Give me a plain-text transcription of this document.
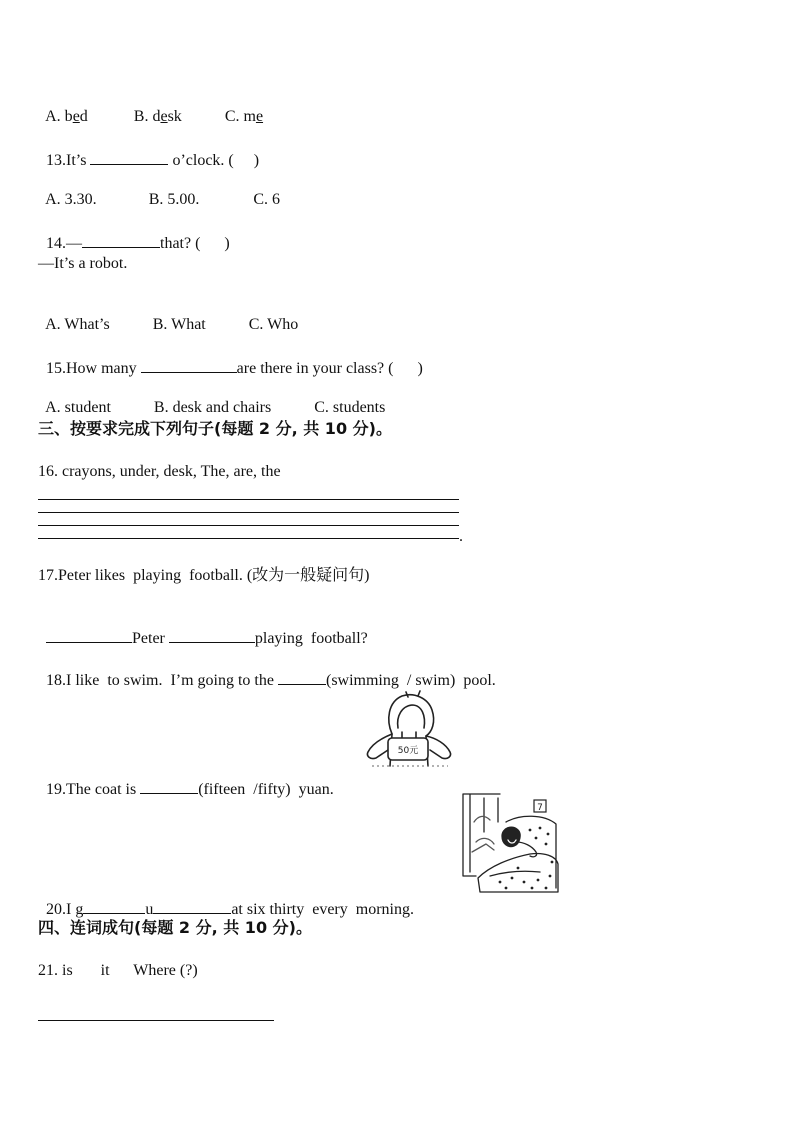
A. bed	B. desk	C. me

13.It’s	o’clock. (     )

A. 3.30.	B. 5.00.	C. 6

14.—	that? (      )

—It’s a robot.

A. What’s	B. What	C. Who

15.How many	are there in your class? (      )

A. student	B. desk and chairs	C. students

三、按要求完成下列句子(每题 2 分, 共 10 分)。
16. crayons, under, desk, The, are, the
.
17.Peter likes  playing  football. (改为一般疑问句)

Peter	playing  football?

18.I like  to swim.  I’m going to the	(swimming  / swim)  pool.

19.The coat is	(fifteen  /fifty)  yuan.

50元

20.I g	u	at six thirty  every  morning.

7
四、连词成句(每题 2 分, 共 10 分)。
21. is       it      Where (?)
